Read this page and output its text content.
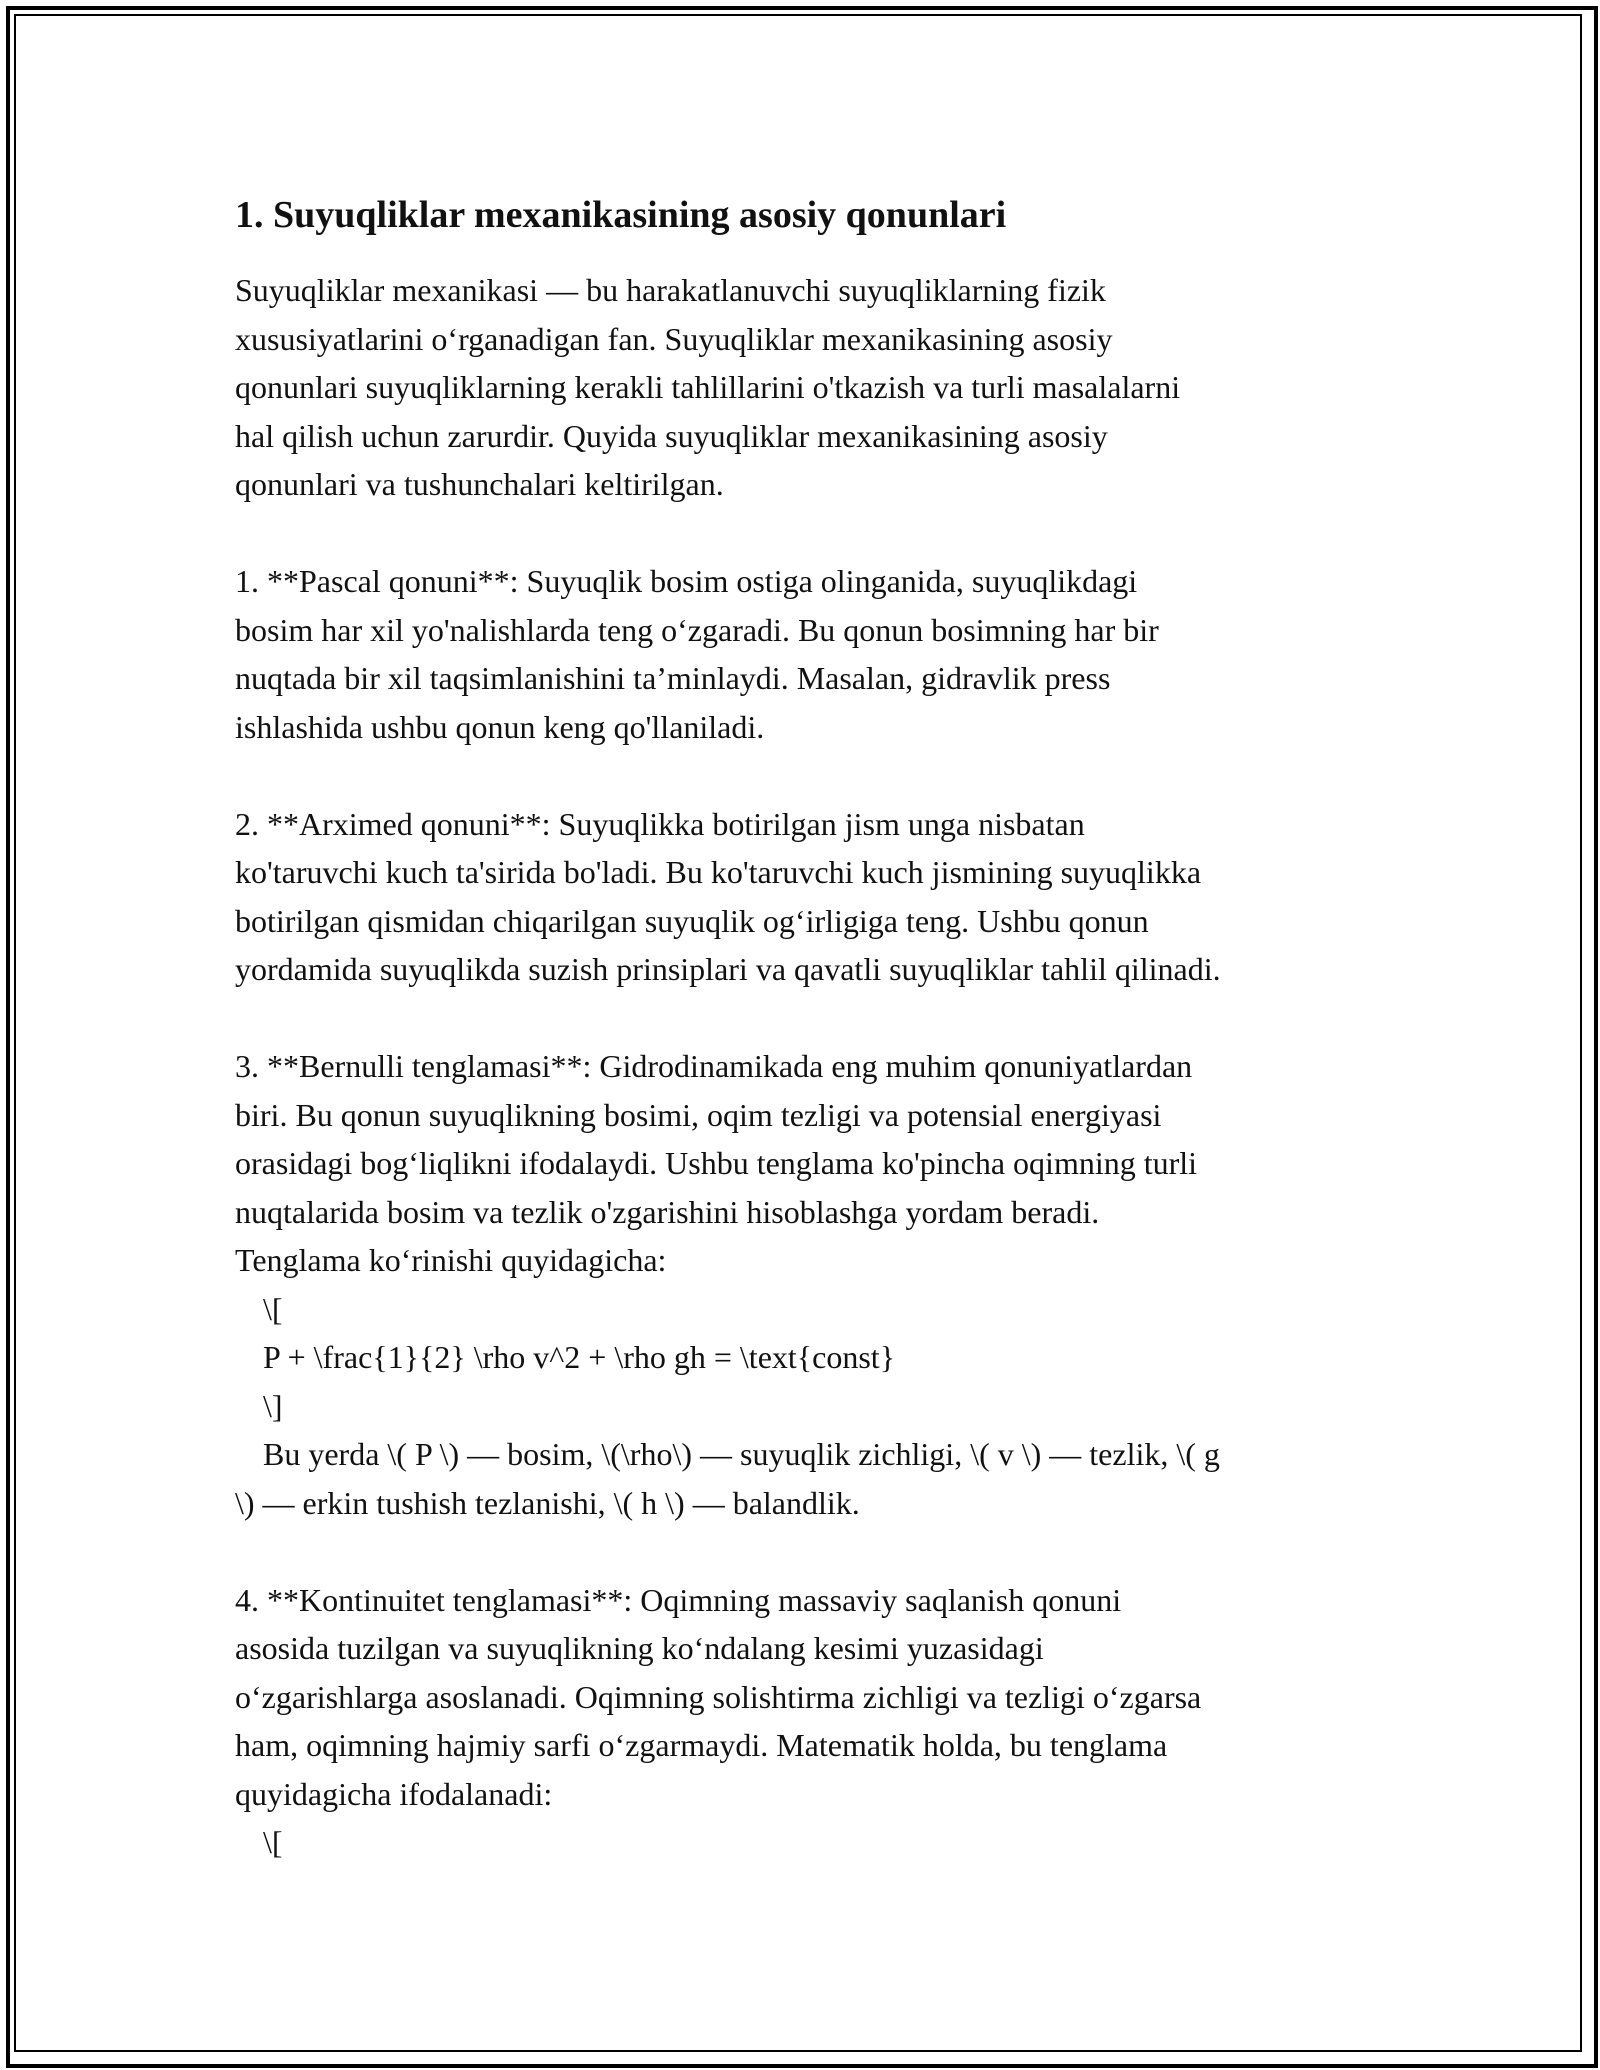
1. Suyuqliklar mexanikasining asosiy qonunlari

Suyuqliklar mexanikasi — bu harakatlanuvchi suyuqliklarning fizik

xususiyatlarini o‘rganadigan fan. Suyuqliklar mexanikasining asosiy

qonunlari suyuqliklarning kerakli tahlillarini o'tkazish va turli masalalarni

hal qilish uchun zarurdir. Quyida suyuqliklar mexanikasining asosiy

qonunlari va tushunchalari keltirilgan.

1. **Pascal qonuni**: Suyuqlik bosim ostiga olinganida, suyuqlikdagi

bosim har xil yo'nalishlarda teng o‘zgaradi. Bu qonun bosimning har bir

nuqtada bir xil taqsimlanishini ta’minlaydi. Masalan, gidravlik press

ishlashida ushbu qonun keng qo'llaniladi.

2. **Arximed qonuni**: Suyuqlikka botirilgan jism unga nisbatan

ko'taruvchi kuch ta'sirida bo'ladi. Bu ko'taruvchi kuch jismining suyuqlikka

botirilgan qismidan chiqarilgan suyuqlik og‘irligiga teng. Ushbu qonun

yordamida suyuqlikda suzish prinsiplari va qavatli suyuqliklar tahlil qilinadi.

3. **Bernulli tenglamasi**: Gidrodinamikada eng muhim qonuniyatlardan

biri. Bu qonun suyuqlikning bosimi, oqim tezligi va potensial energiyasi

orasidagi bog‘liqlikni ifodalaydi. Ushbu tenglama ko'pincha oqimning turli

nuqtalarida bosim va tezlik o'zgarishini hisoblashga yordam beradi.

Tenglama ko‘rinishi quyidagicha:

\[

P + \frac{1}{2} \rho v^2 + \rho gh = \text{const}

\]

Bu yerda \( P \) — bosim, \(\rho\) — suyuqlik zichligi, \( v \) — tezlik, \( g

\) — erkin tushish tezlanishi, \( h \) — balandlik.

4. **Kontinuitet tenglamasi**: Oqimning massaviy saqlanish qonuni

asosida tuzilgan va suyuqlikning ko‘ndalang kesimi yuzasidagi

o‘zgarishlarga asoslanadi. Oqimning solishtirma zichligi va tezligi o‘zgarsa

ham, oqimning hajmiy sarfi o‘zgarmaydi. Matematik holda, bu tenglama

quyidagicha ifodalanadi:

\[
